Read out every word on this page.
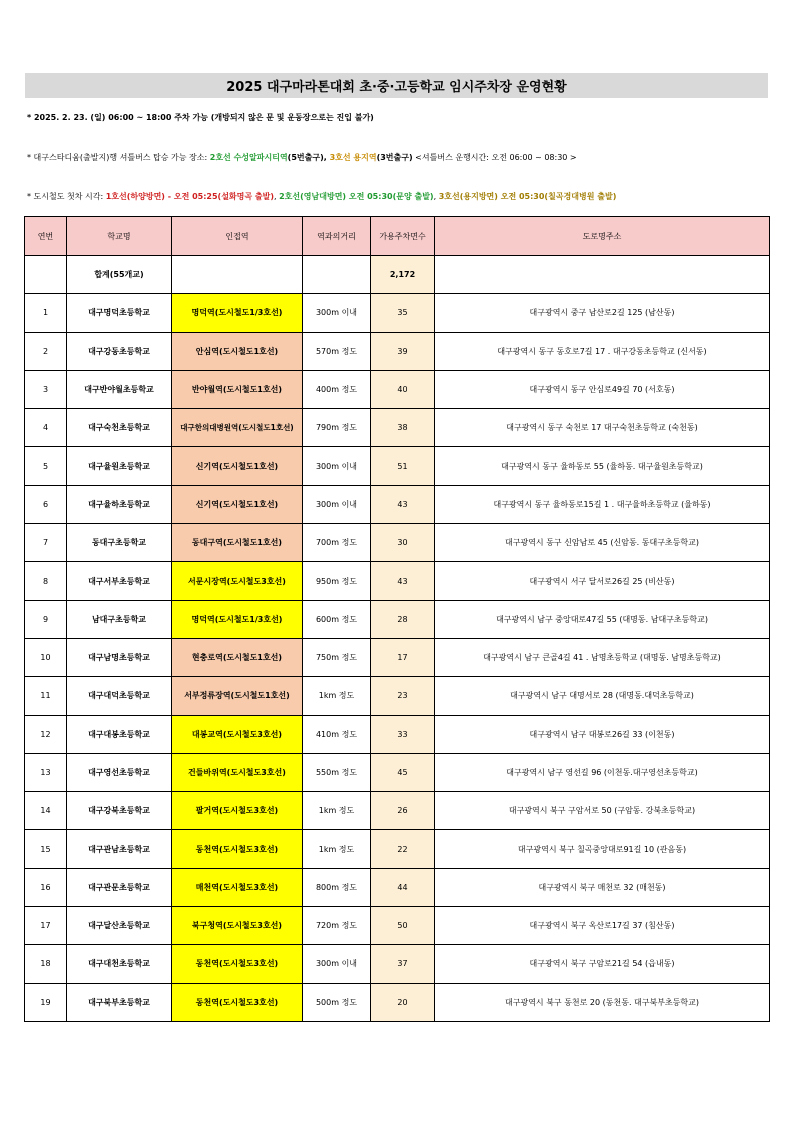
2025 대구마라톤대회 초·중·고등학교 임시주차장 운영현황
* 2025. 2. 23. (일) 06:00 ~ 18:00 주차 가능 (개방되지 않은 문 및 운동장으로는 진입 불가)
* 대구스타디움(출발지)행 셔틀버스 탑승 가능 장소: 2호선 수성알파시티역(5번출구), 3호선 용지역(3번출구) <셔틀버스 운행시간: 오전 06:00 ~ 08:30 >
* 도시철도 첫차 시각: 1호선(하양방면) - 오전 05:25(설화명곡 출발), 2호선(영남대방면) 오전 05:30(문양 출발), 3호선(용지방면) 오전 05:30(칠곡경대병원 출발)
연번	학교명	인접역	역과의거리	가용주차면수	도로명주소
	합계(55개교)			2,172	
1	대구명덕초등학교	명덕역(도시철도1/3호선)	300m 이내	35	대구광역시 중구 남산로2길 125 (남산동)
2	대구강동초등학교	안심역(도시철도1호선)	570m 정도	39	대구광역시 동구 동호로7길 17 . 대구강동초등학교 (신서동)
3	대구반야월초등학교	반야월역(도시철도1호선)	400m 정도	40	대구광역시 동구 안심로49길 70 (서호동)
4	대구숙천초등학교	대구한의대병원역(도시철도1호선)	790m 정도	38	대구광역시 동구 숙천로 17 대구숙천초등학교 (숙천동)
5	대구율원초등학교	신기역(도시철도1호선)	300m 이내	51	대구광역시 동구 율하동로 55 (율하동. 대구율원초등학교)
6	대구율하초등학교	신기역(도시철도1호선)	300m 이내	43	대구광역시 동구 율하동로15길 1 . 대구율하초등학교 (율하동)
7	동대구초등학교	동대구역(도시철도1호선)	700m 정도	30	대구광역시 동구 신암남로 45 (신암동. 동대구초등학교)
8	대구서부초등학교	서문시장역(도시철도3호선)	950m 정도	43	대구광역시 서구 달서로26길 25 (비산동)
9	남대구초등학교	명덕역(도시철도1/3호선)	600m 정도	28	대구광역시 남구 중앙대로47길 55 (대명동. 남대구초등학교)
10	대구남명초등학교	현충로역(도시철도1호선)	750m 정도	17	대구광역시 남구 큰골4길 41 . 남명초등학교 (대명동. 남명초등학교)
11	대구대덕초등학교	서부정류장역(도시철도1호선)	1km 정도	23	대구광역시 남구 대명서로 28 (대명동.대덕초등학교)
12	대구대봉초등학교	대봉교역(도시철도3호선)	410m 정도	33	대구광역시 남구 대봉로26길 33 (이천동)
13	대구영선초등학교	건들바위역(도시철도3호선)	550m 정도	45	대구광역시 남구 영선길 96 (이천동.대구영선초등학교)
14	대구강북초등학교	팔거역(도시철도3호선)	1km 정도	26	대구광역시 북구 구암서로 50 (구암동. 강북초등학교)
15	대구관남초등학교	동천역(도시철도3호선)	1km 정도	22	대구광역시 북구 칠곡중앙대로91길 10 (관음동)
16	대구관문초등학교	매천역(도시철도3호선)	800m 정도	44	대구광역시 북구 매천로 32 (매천동)
17	대구달산초등학교	북구청역(도시철도3호선)	720m 정도	50	대구광역시 북구 옥산로17길 37 (침산동)
18	대구대천초등학교	동천역(도시철도3호선)	300m 이내	37	대구광역시 북구 구암로21길 54 (읍내동)
19	대구북부초등학교	동천역(도시철도3호선)	500m 정도	20	대구광역시 북구 동천로 20 (동천동. 대구북부초등학교)
